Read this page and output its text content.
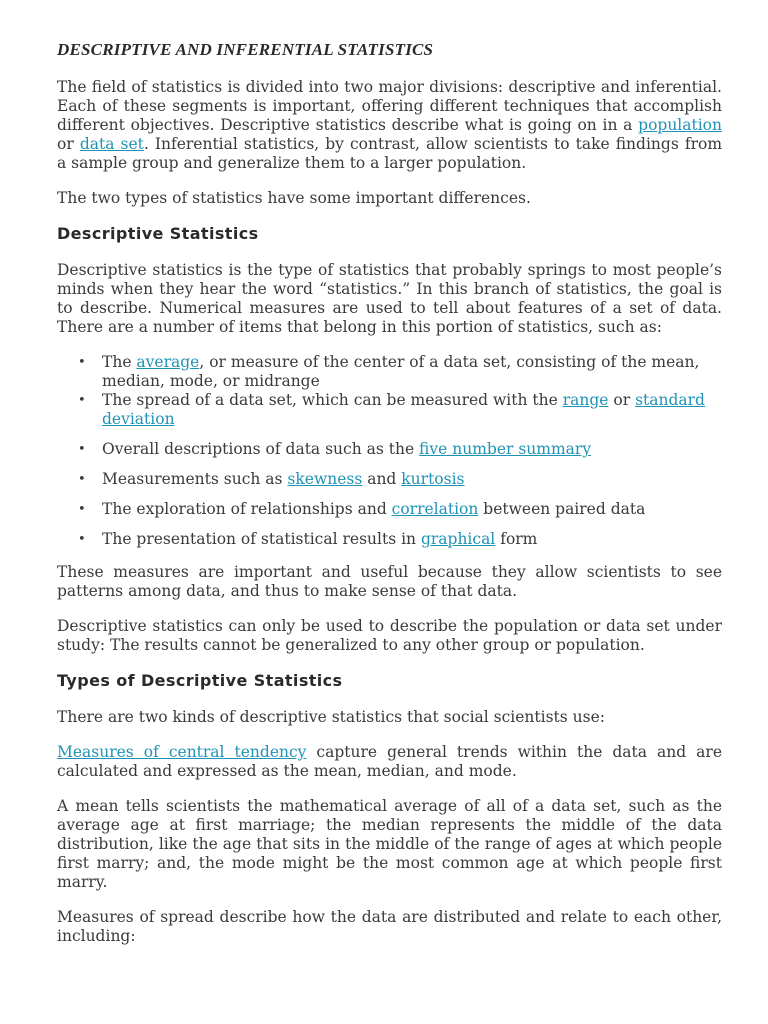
DESCRIPTIVE AND INFERENTIAL STATISTICS

The field of statistics is divided into two major divisions: descriptive and inferential. Each of these segments is important, offering different techniques that accomplish different objectives. Descriptive statistics describe what is going on in a population or data set. Inferential statistics, by contrast, allow scientists to take findings from a sample group and generalize them to a larger population.

The two types of statistics have some important differences.

Descriptive Statistics

Descriptive statistics is the type of statistics that probably springs to most people’s minds when they hear the word “statistics.” In this branch of statistics, the goal is to describe. Numerical measures are used to tell about features of a set of data. There are a number of items that belong in this portion of statistics, such as:

• The average, or measure of the center of a data set, consisting of the mean, median, mode, or midrange
• The spread of a data set, which can be measured with the range or standard deviation
• Overall descriptions of data such as the five number summary
• Measurements such as skewness and kurtosis
• The exploration of relationships and correlation between paired data
• The presentation of statistical results in graphical form

These measures are important and useful because they allow scientists to see patterns among data, and thus to make sense of that data.

Descriptive statistics can only be used to describe the population or data set under study: The results cannot be generalized to any other group or population.

Types of Descriptive Statistics

There are two kinds of descriptive statistics that social scientists use:

Measures of central tendency capture general trends within the data and are calculated and expressed as the mean, median, and mode.

A mean tells scientists the mathematical average of all of a data set, such as the average age at first marriage; the median represents the middle of the data distribution, like the age that sits in the middle of the range of ages at which people first marry; and, the mode might be the most common age at which people first marry.

Measures of spread describe how the data are distributed and relate to each other, including:
